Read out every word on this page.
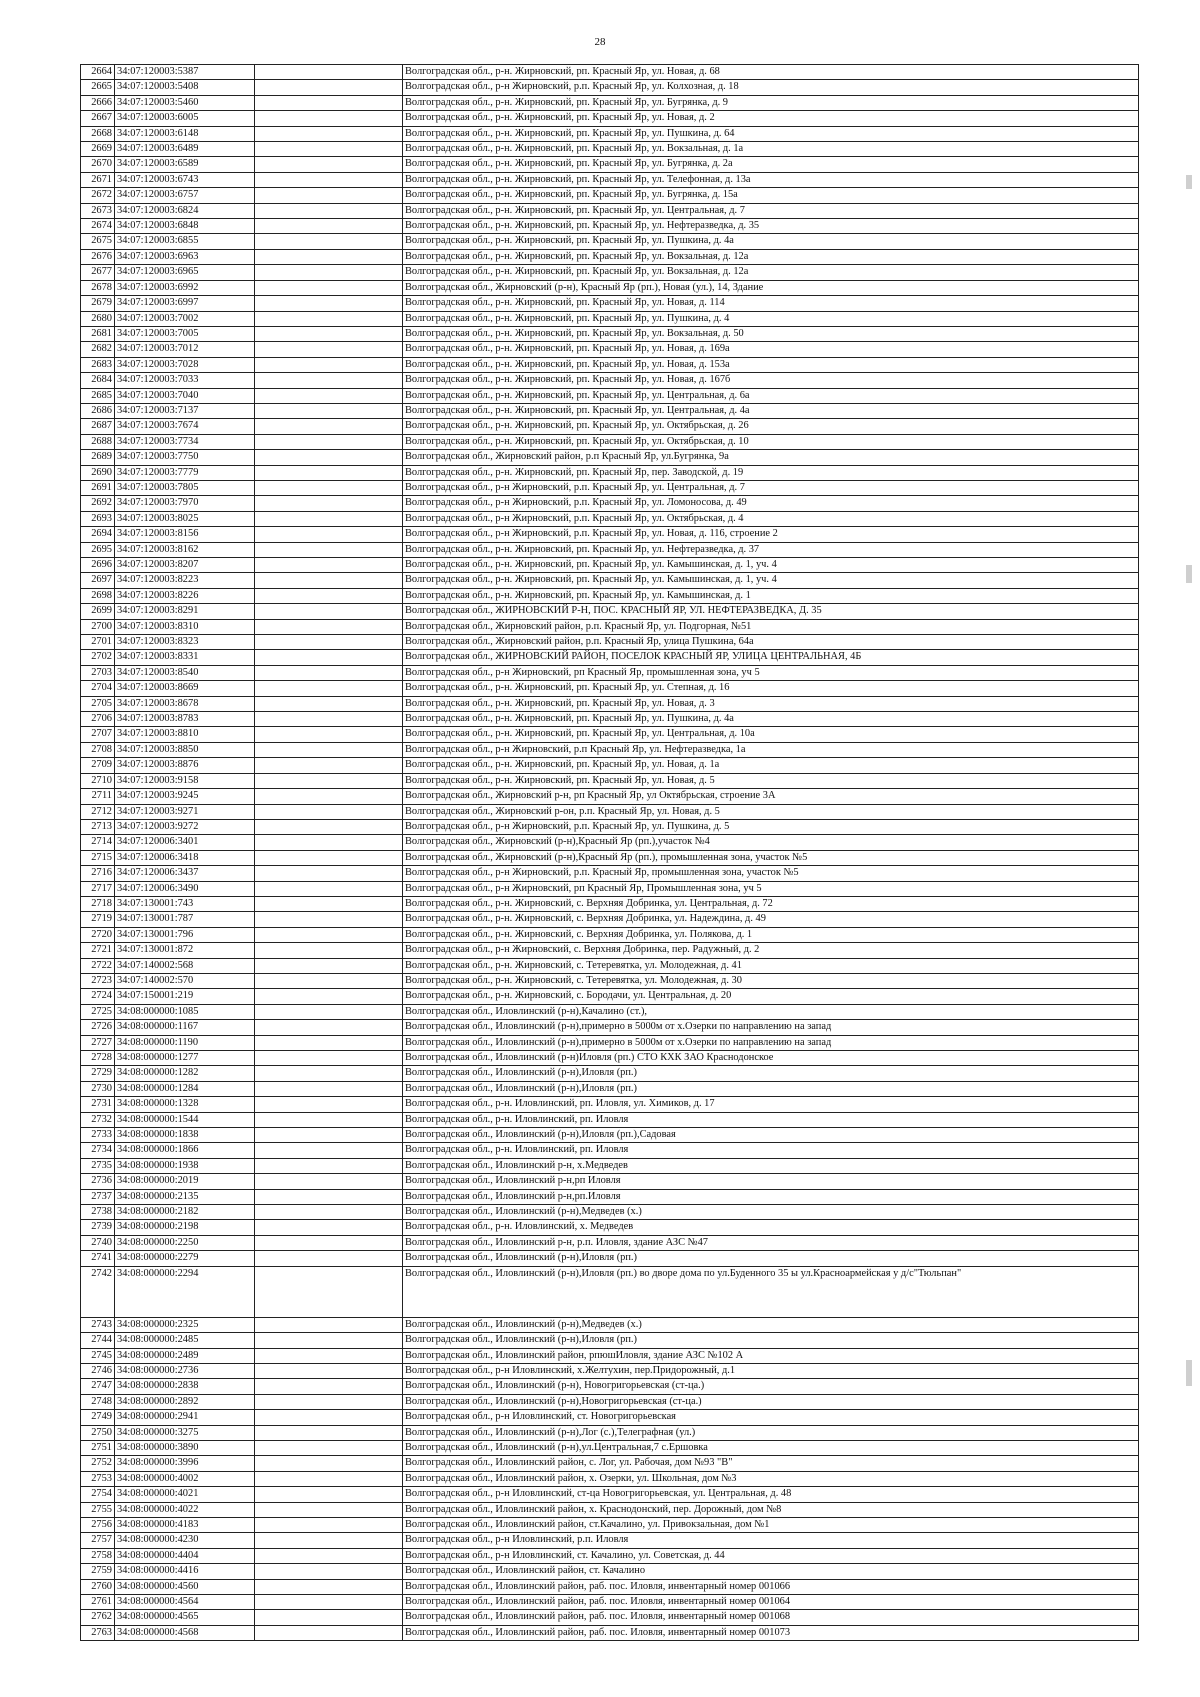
28
2664	34:07:120003:5387		Волгоградская обл., р-н. Жирновский, рп. Красный Яр, ул. Новая, д. 68
2665	34:07:120003:5408		Волгоградская обл., р-н Жирновский, р.п. Красный Яр, ул. Колхозная, д. 18
2666	34:07:120003:5460		Волгоградская обл., р-н. Жирновский, рп. Красный Яр, ул. Бугрянка, д. 9
2667	34:07:120003:6005		Волгоградская обл., р-н. Жирновский, рп. Красный Яр, ул. Новая, д. 2
2668	34:07:120003:6148		Волгоградская обл., р-н. Жирновский, рп. Красный Яр, ул. Пушкина, д. 64
2669	34:07:120003:6489		Волгоградская обл., р-н. Жирновский, рп. Красный Яр, ул. Вокзальная, д. 1а
2670	34:07:120003:6589		Волгоградская обл., р-н. Жирновский, рп. Красный Яр, ул. Бугрянка, д. 2а
2671	34:07:120003:6743		Волгоградская обл., р-н. Жирновский, рп. Красный Яр, ул. Телефонная, д. 13а
2672	34:07:120003:6757		Волгоградская обл., р-н. Жирновский, рп. Красный Яр, ул. Бугрянка, д. 15а
2673	34:07:120003:6824		Волгоградская обл., р-н. Жирновский, рп. Красный Яр, ул. Центральная, д. 7
2674	34:07:120003:6848		Волгоградская обл., р-н. Жирновский, рп. Красный Яр, ул. Нефтеразведка, д. 35
2675	34:07:120003:6855		Волгоградская обл., р-н. Жирновский, рп. Красный Яр, ул. Пушкина, д. 4а
2676	34:07:120003:6963		Волгоградская обл., р-н. Жирновский, рп. Красный Яр, ул. Вокзальная, д. 12а
2677	34:07:120003:6965		Волгоградская обл., р-н. Жирновский, рп. Красный Яр, ул. Вокзальная, д. 12а
2678	34:07:120003:6992		Волгоградская обл., Жирновский (р-н), Красный Яр (рп.), Новая (ул.), 14, Здание
2679	34:07:120003:6997		Волгоградская обл., р-н. Жирновский, рп. Красный Яр, ул. Новая, д. 114
2680	34:07:120003:7002		Волгоградская обл., р-н. Жирновский, рп. Красный Яр, ул. Пушкина, д. 4
2681	34:07:120003:7005		Волгоградская обл., р-н. Жирновский, рп. Красный Яр, ул. Вокзальная, д. 50
2682	34:07:120003:7012		Волгоградская обл., р-н. Жирновский, рп. Красный Яр, ул. Новая, д. 169а
2683	34:07:120003:7028		Волгоградская обл., р-н. Жирновский, рп. Красный Яр, ул. Новая, д. 153а
2684	34:07:120003:7033		Волгоградская обл., р-н. Жирновский, рп. Красный Яр, ул. Новая, д. 167б
2685	34:07:120003:7040		Волгоградская обл., р-н. Жирновский, рп. Красный Яр, ул. Центральная, д. 6а
2686	34:07:120003:7137		Волгоградская обл., р-н. Жирновский, рп. Красный Яр, ул. Центральная, д. 4а
2687	34:07:120003:7674		Волгоградская обл., р-н. Жирновский, рп. Красный Яр, ул. Октябрьская, д. 26
2688	34:07:120003:7734		Волгоградская обл., р-н. Жирновский, рп. Красный Яр, ул. Октябрьская, д. 10
2689	34:07:120003:7750		Волгоградская обл., Жирновский район, р.п Красный Яр, ул.Бугрянка, 9а
2690	34:07:120003:7779		Волгоградская обл., р-н. Жирновский, рп. Красный Яр, пер. Заводской, д. 19
2691	34:07:120003:7805		Волгоградская обл., р-н Жирновский, р.п. Красный Яр, ул. Центральная, д. 7
2692	34:07:120003:7970		Волгоградская обл., р-н Жирновский, р.п. Красный Яр, ул. Ломоносова, д. 49
2693	34:07:120003:8025		Волгоградская обл., р-н Жирновский, р.п. Красный Яр, ул. Октябрьская, д. 4
2694	34:07:120003:8156		Волгоградская обл., р-н Жирновский, р.п. Красный Яр, ул. Новая, д. 116, строение 2
2695	34:07:120003:8162		Волгоградская обл., р-н. Жирновский, рп. Красный Яр, ул. Нефтеразведка, д. 37
2696	34:07:120003:8207		Волгоградская обл., р-н. Жирновский, рп. Красный Яр, ул. Камышинская, д. 1, уч. 4
2697	34:07:120003:8223		Волгоградская обл., р-н. Жирновский, рп. Красный Яр, ул. Камышинская, д. 1, уч. 4
2698	34:07:120003:8226		Волгоградская обл., р-н. Жирновский, рп. Красный Яр, ул. Камышинская, д. 1
2699	34:07:120003:8291		Волгоградская обл., ЖИРНОВСКИЙ Р-Н, ПОС. КРАСНЫЙ ЯР, УЛ. НЕФТЕРАЗВЕДКА, Д. 35
2700	34:07:120003:8310		Волгоградская обл., Жирновский район, р.п. Красный Яр, ул. Подгорная, №51
2701	34:07:120003:8323		Волгоградская обл., Жирновский район, р.п. Красный Яр, улица Пушкина, 64а
2702	34:07:120003:8331		Волгоградская обл., ЖИРНОВСКИЙ РАЙОН, ПОСЕЛОК КРАСНЫЙ ЯР, УЛИЦА ЦЕНТРАЛЬНАЯ, 4Б
2703	34:07:120003:8540		Волгоградская обл., р-н Жирновский, рп Красный Яр, промышленная зона, уч 5
2704	34:07:120003:8669		Волгоградская обл., р-н. Жирновский, рп. Красный Яр, ул. Степная, д. 16
2705	34:07:120003:8678		Волгоградская обл., р-н. Жирновский, рп. Красный Яр, ул. Новая, д. 3
2706	34:07:120003:8783		Волгоградская обл., р-н. Жирновский, рп. Красный Яр, ул. Пушкина, д. 4а
2707	34:07:120003:8810		Волгоградская обл., р-н. Жирновский, рп. Красный Яр, ул. Центральная, д. 10а
2708	34:07:120003:8850		Волгоградская обл., р-н Жирновский, р.п Красный Яр, ул. Нефтеразведка, 1а
2709	34:07:120003:8876		Волгоградская обл., р-н. Жирновский, рп. Красный Яр, ул. Новая, д. 1а
2710	34:07:120003:9158		Волгоградская обл., р-н. Жирновский, рп. Красный Яр, ул. Новая, д. 5
2711	34:07:120003:9245		Волгоградская обл., Жирновский р-н, рп Красный Яр, ул Октябрьская, строение 3А
2712	34:07:120003:9271		Волгоградская обл., Жирновский р-он, р.п. Красный Яр, ул. Новая, д. 5
2713	34:07:120003:9272		Волгоградская обл., р-н Жирновский, р.п. Красный Яр, ул. Пушкина, д. 5
2714	34:07:120006:3401		Волгоградская обл., Жирновский (р-н),Красный Яр (рп.),участок №4
2715	34:07:120006:3418		Волгоградская обл., Жирновский (р-н),Красный Яр (рп.), промышленная зона, участок №5
2716	34:07:120006:3437		Волгоградская обл., р-н Жирновский, р.п. Красный Яр, промышленная зона, участок №5
2717	34:07:120006:3490		Волгоградская обл., р-н Жирновский, рп Красный Яр, Промышленная зона, уч 5
2718	34:07:130001:743		Волгоградская обл., р-н. Жирновский, с. Верхняя Добринка, ул. Центральная, д. 72
2719	34:07:130001:787		Волгоградская обл., р-н. Жирновский, с. Верхняя Добринка, ул. Надеждина, д. 49
2720	34:07:130001:796		Волгоградская обл., р-н. Жирновский, с. Верхняя Добринка, ул. Полякова, д. 1
2721	34:07:130001:872		Волгоградская обл., р-н Жирновский, с. Верхняя Добринка, пер. Радужный, д. 2
2722	34:07:140002:568		Волгоградская обл., р-н. Жирновский, с. Тетеревятка, ул. Молодежная, д. 41
2723	34:07:140002:570		Волгоградская обл., р-н. Жирновский, с. Тетеревятка, ул. Молодежная, д. 30
2724	34:07:150001:219		Волгоградская обл., р-н. Жирновский, с. Бородачи, ул. Центральная, д. 20
2725	34:08:000000:1085		Волгоградская обл., Иловлинский (р-н),Качалино (ст.),
2726	34:08:000000:1167		Волгоградская обл., Иловлинский (р-н),примерно в 5000м от х.Озерки по направлению на запад
2727	34:08:000000:1190		Волгоградская обл., Иловлинский (р-н),примерно в 5000м от х.Озерки по направлению на запад
2728	34:08:000000:1277		Волгоградская обл., Иловлинский (р-н)Иловля (рп.) СТО КХК ЗАО Краснодонское
2729	34:08:000000:1282		Волгоградская обл., Иловлинский (р-н),Иловля (рп.)
2730	34:08:000000:1284		Волгоградская обл., Иловлинский (р-н),Иловля (рп.)
2731	34:08:000000:1328		Волгоградская обл., р-н. Иловлинский, рп. Иловля, ул. Химиков, д. 17
2732	34:08:000000:1544		Волгоградская обл., р-н. Иловлинский, рп. Иловля
2733	34:08:000000:1838		Волгоградская обл., Иловлинский (р-н),Иловля (рп.),Садовая
2734	34:08:000000:1866		Волгоградская обл., р-н. Иловлинский, рп. Иловля
2735	34:08:000000:1938		Волгоградская обл., Иловлинский р-н, х.Медведев
2736	34:08:000000:2019		Волгоградская обл., Иловлинский р-н,рп Иловля
2737	34:08:000000:2135		Волгоградская обл., Иловлинский р-н,рп.Иловля
2738	34:08:000000:2182		Волгоградская обл., Иловлинский (р-н),Медведев (х.)
2739	34:08:000000:2198		Волгоградская обл., р-н. Иловлинский, х. Медведев
2740	34:08:000000:2250		Волгоградская обл., Иловлинский р-н, р.п. Иловля, здание АЗС №47
2741	34:08:000000:2279		Волгоградская обл., Иловлинский (р-н),Иловля (рп.)
2742	34:08:000000:2294		Волгоградская обл., Иловлинский (р-н),Иловля (рп.) во дворе дома по ул.Буденного 35 ы ул.Красноармейская у д/с"Тюльпан"
2743	34:08:000000:2325		Волгоградская обл., Иловлинский (р-н),Медведев (х.)
2744	34:08:000000:2485		Волгоградская обл., Иловлинский (р-н),Иловля (рп.)
2745	34:08:000000:2489		Волгоградская обл., Иловлинский район, рпюшИловля, здание АЗС №102 А
2746	34:08:000000:2736		Волгоградская обл., р-н Иловлинский, х.Желтухин, пер.Придорожный, д.1
2747	34:08:000000:2838		Волгоградская обл., Иловлинский (р-н), Новогригорьевская (ст-ца.)
2748	34:08:000000:2892		Волгоградская обл., Иловлинский (р-н),Новогригорьевская (ст-ца.)
2749	34:08:000000:2941		Волгоградская обл., р-н Иловлинский, ст. Новогригорьевская
2750	34:08:000000:3275		Волгоградская обл., Иловлинский (р-н),Лог (с.),Телеграфная (ул.)
2751	34:08:000000:3890		Волгоградская обл., Иловлинский (р-н),ул.Центральная,7 с.Ершовка
2752	34:08:000000:3996		Волгоградская обл., Иловлинский район, с. Лог, ул. Рабочая, дом №93 "В"
2753	34:08:000000:4002		Волгоградская обл., Иловлинский район, х. Озерки, ул. Школьная, дом №3
2754	34:08:000000:4021		Волгоградская обл., р-н Иловлинский, ст-ца Новогригорьевская, ул. Центральная, д. 48
2755	34:08:000000:4022		Волгоградская обл., Иловлинский район, х. Краснодонский, пер. Дорожный, дом №8
2756	34:08:000000:4183		Волгоградская обл., Иловлинский район, ст.Качалино, ул. Привокзальная, дом №1
2757	34:08:000000:4230		Волгоградская обл., р-н Иловлинский, р.п. Иловля
2758	34:08:000000:4404		Волгоградская обл., р-н Иловлинский, ст. Качалино, ул. Советская, д. 44
2759	34:08:000000:4416		Волгоградская обл., Иловлинский район, ст. Качалино
2760	34:08:000000:4560		Волгоградская обл., Иловлинский район, раб. пос. Иловля, инвентарный номер 001066
2761	34:08:000000:4564		Волгоградская обл., Иловлинский район, раб. пос. Иловля, инвентарный номер 001064
2762	34:08:000000:4565		Волгоградская обл., Иловлинский район, раб. пос. Иловля, инвентарный номер 001068
2763	34:08:000000:4568		Волгоградская обл., Иловлинский район, раб. пос. Иловля, инвентарный номер 001073
